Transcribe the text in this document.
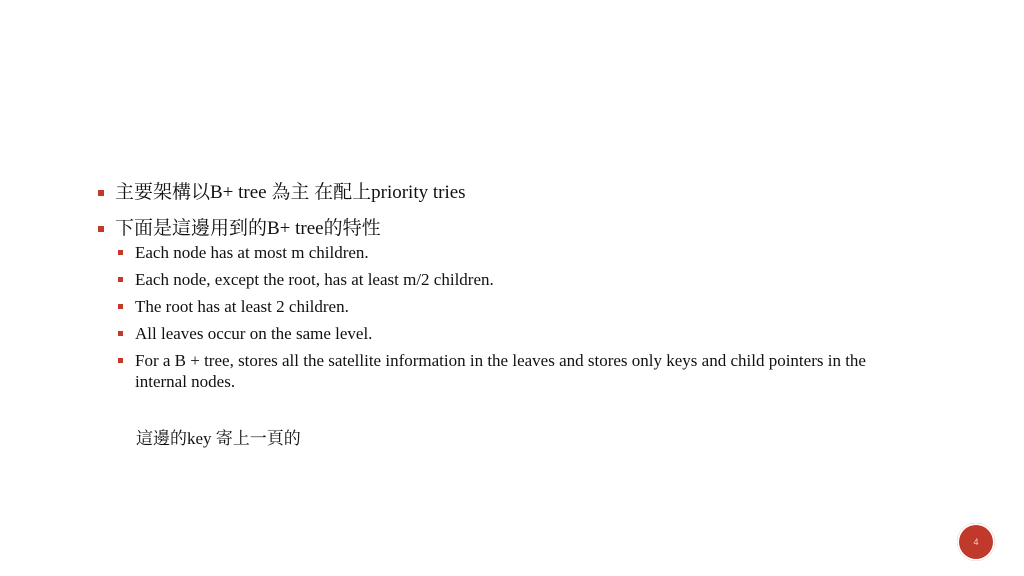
主要架構以B+ tree 為主 在配上priority tries
下面是這邊用到的B+ tree的特性
Each node has at most m children.
Each node, except the root, has at least m/2 children.
The root has at least 2 children.
All leaves occur on the same level.
For a B + tree, stores all the satellite information in the leaves and stores only keys and child pointers in the internal nodes.
這邊的key 寄上一頁的
4
